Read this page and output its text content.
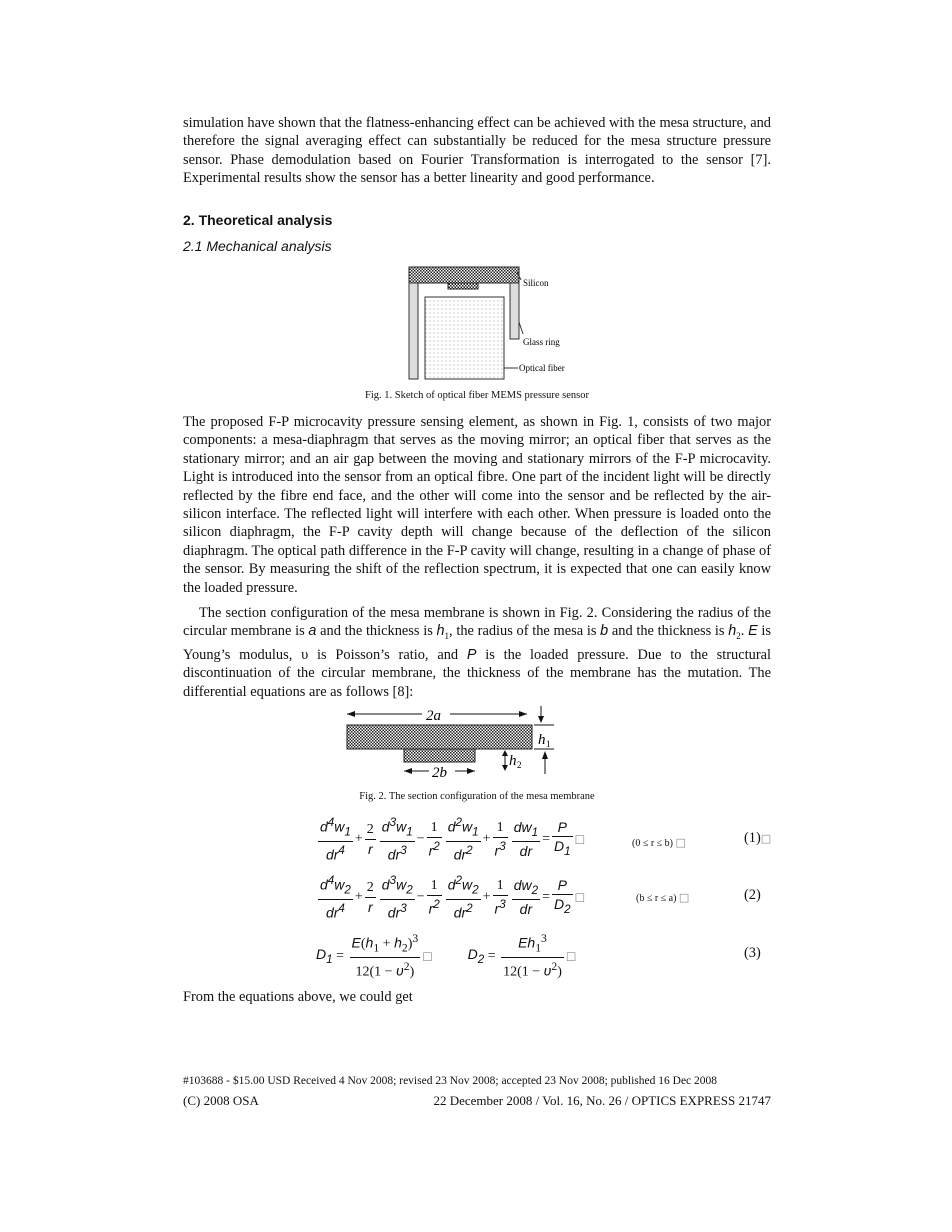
simulation have shown that the flatness-enhancing effect can be achieved with the mesa structure, and therefore the signal averaging effect can substantially be reduced for the mesa structure pressure sensor. Phase demodulation based on Fourier Transformation is interrogated to the sensor [7]. Experimental results show the sensor has a better linearity and good performance.

2. Theoretical analysis

2.1 Mechanical analysis

Silicon
Glass ring
Optical fiber
Fig. 1. Sketch of optical fiber MEMS pressure sensor

The proposed F-P microcavity pressure sensing element, as shown in Fig. 1, consists of two major components: a mesa-diaphragm that serves as the moving mirror; an optical fiber that serves as the stationary mirror; and an air gap between the moving and stationary mirrors of the F-P microcavity. Light is introduced into the sensor from an optical fibre. One part of the incident light will be directly reflected by the fibre end face, and the other will come into the sensor and be reflected by the air-silicon interface. The reflected light will interfere with each other. When pressure is loaded onto the silicon diaphragm, the F-P cavity depth will change because of the deflection of the silicon diaphragm. The optical path difference in the F-P cavity will change, resulting in a change of phase of the sensor. By measuring the shift of the reflection spectrum, it is expected that one can easily know the loaded pressure.

The section configuration of the mesa membrane is shown in Fig. 2. Considering the radius of the circular membrane is a and the thickness is $h_1$, the radius of the mesa is b and the thickness is $h_2$. E is Young’s modulus, υ is Poisson’s ratio, and P is the loaded pressure. Due to the structural discontinuation of the circular membrane, the thickness of the membrane has the mutation. The differential equations are as follows [8]:

2a
2b
h 1
h 2
Fig. 2. The section configuration of the mesa membrane
$\frac{d^4w_1}{dr^4} + \frac{2}{r} \frac{d^3w_1}{dr^3} - \frac{1}{r^2} \frac{d^2w_1}{dr^2} + \frac{1}{r^3} \frac{dw_1}{dr} = \frac{P}{D_1}$ □	(0 ≤ r ≤ b) □	(1)□
$\frac{d^4w_2}{dr^4} + \frac{2}{r} \frac{d^3w_2}{dr^3} - \frac{1}{r^2} \frac{d^2w_2}{dr^2} + \frac{1}{r^3} \frac{dw_2}{dr} = \frac{P}{D_2}$ □	(b ≤ r ≤ a) □	(2)
$D_1 = \frac{E(h_1 + h_2)^3}{12(1 - \upsilon^2)}$ □	$D_2 = \frac{Eh_1^3}{12(1 - \upsilon^2)}$ □	(3)

From the equations above, we could get

#103688 - $15.00 USD Received 4 Nov 2008; revised 23 Nov 2008; accepted 23 Nov 2008; published 16 Dec 2008
(C) 2008 OSA	22 December 2008 / Vol. 16, No. 26 / OPTICS EXPRESS 21747
